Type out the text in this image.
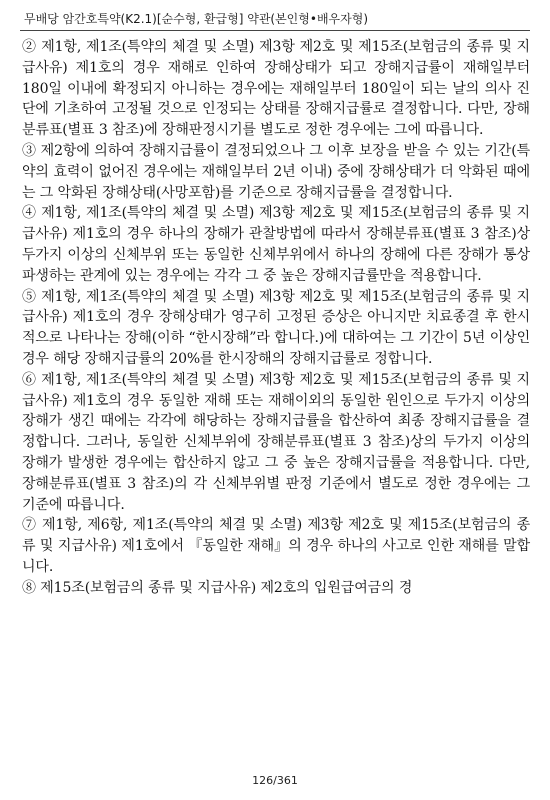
무배당 암간호특약(K2.1)[순수형, 환급형] 약관(본인형•배우자형)

② 제1항, 제1조(특약의 체결 및 소멸) 제3항 제2호 및 제15조(보험금의 종류 및 지급사유) 제1호의 경우 재해로 인하여 장해상태가 되고 장해지급률이 재해일부터 180일 이내에 확정되지 아니하는 경우에는 재해일부터 180일이 되는 날의 의사 진단에 기초하여 고정될 것으로 인정되는 상태를 장해지급률로 결정합니다. 다만, 장해분류표(별표 3 참조)에 장해판정시기를 별도로 정한 경우에는 그에 따릅니다.

③ 제2항에 의하여 장해지급률이 결정되었으나 그 이후 보장을 받을 수 있는 기간(특약의 효력이 없어진 경우에는 재해일부터 2년 이내) 중에 장해상태가 더 악화된 때에는 그 악화된 장해상태(사망포함)를 기준으로 장해지급률을 결정합니다.

④ 제1항, 제1조(특약의 체결 및 소멸) 제3항 제2호 및 제15조(보험금의 종류 및 지급사유) 제1호의 경우 하나의 장해가 관찰방법에 따라서 장해분류표(별표 3 참조)상 두가지 이상의 신체부위 또는 동일한 신체부위에서 하나의 장해에 다른 장해가 통상 파생하는 관계에 있는 경우에는 각각 그 중 높은 장해지급률만을 적용합니다.

⑤ 제1항, 제1조(특약의 체결 및 소멸) 제3항 제2호 및 제15조(보험금의 종류 및 지급사유) 제1호의 경우 장해상태가 영구히 고정된 증상은 아니지만 치료종결 후 한시적으로 나타나는 장해(이하 “한시장해”라 합니다.)에 대하여는 그 기간이 5년 이상인 경우 해당 장해지급률의 20%를 한시장해의 장해지급률로 정합니다.

⑥ 제1항, 제1조(특약의 체결 및 소멸) 제3항 제2호 및 제15조(보험금의 종류 및 지급사유) 제1호의 경우 동일한 재해 또는 재해이외의 동일한 원인으로 두가지 이상의 장해가 생긴 때에는 각각에 해당하는 장해지급률을 합산하여 최종 장해지급률을 결정합니다. 그러나, 동일한 신체부위에 장해분류표(별표 3 참조)상의 두가지 이상의 장해가 발생한 경우에는 합산하지 않고 그 중 높은 장해지급률을 적용합니다. 다만, 장해분류표(별표 3 참조)의 각 신체부위별 판정 기준에서 별도로 정한 경우에는 그 기준에 따릅니다.

⑦ 제1항, 제6항, 제1조(특약의 체결 및 소멸) 제3항 제2호 및 제15조(보험금의 종류 및 지급사유) 제1호에서 『동일한 재해』의 경우 하나의 사고로 인한 재해를 말합니다.

⑧ 제15조(보험금의 종류 및 지급사유) 제2호의 입원급여금의 경

126/361
